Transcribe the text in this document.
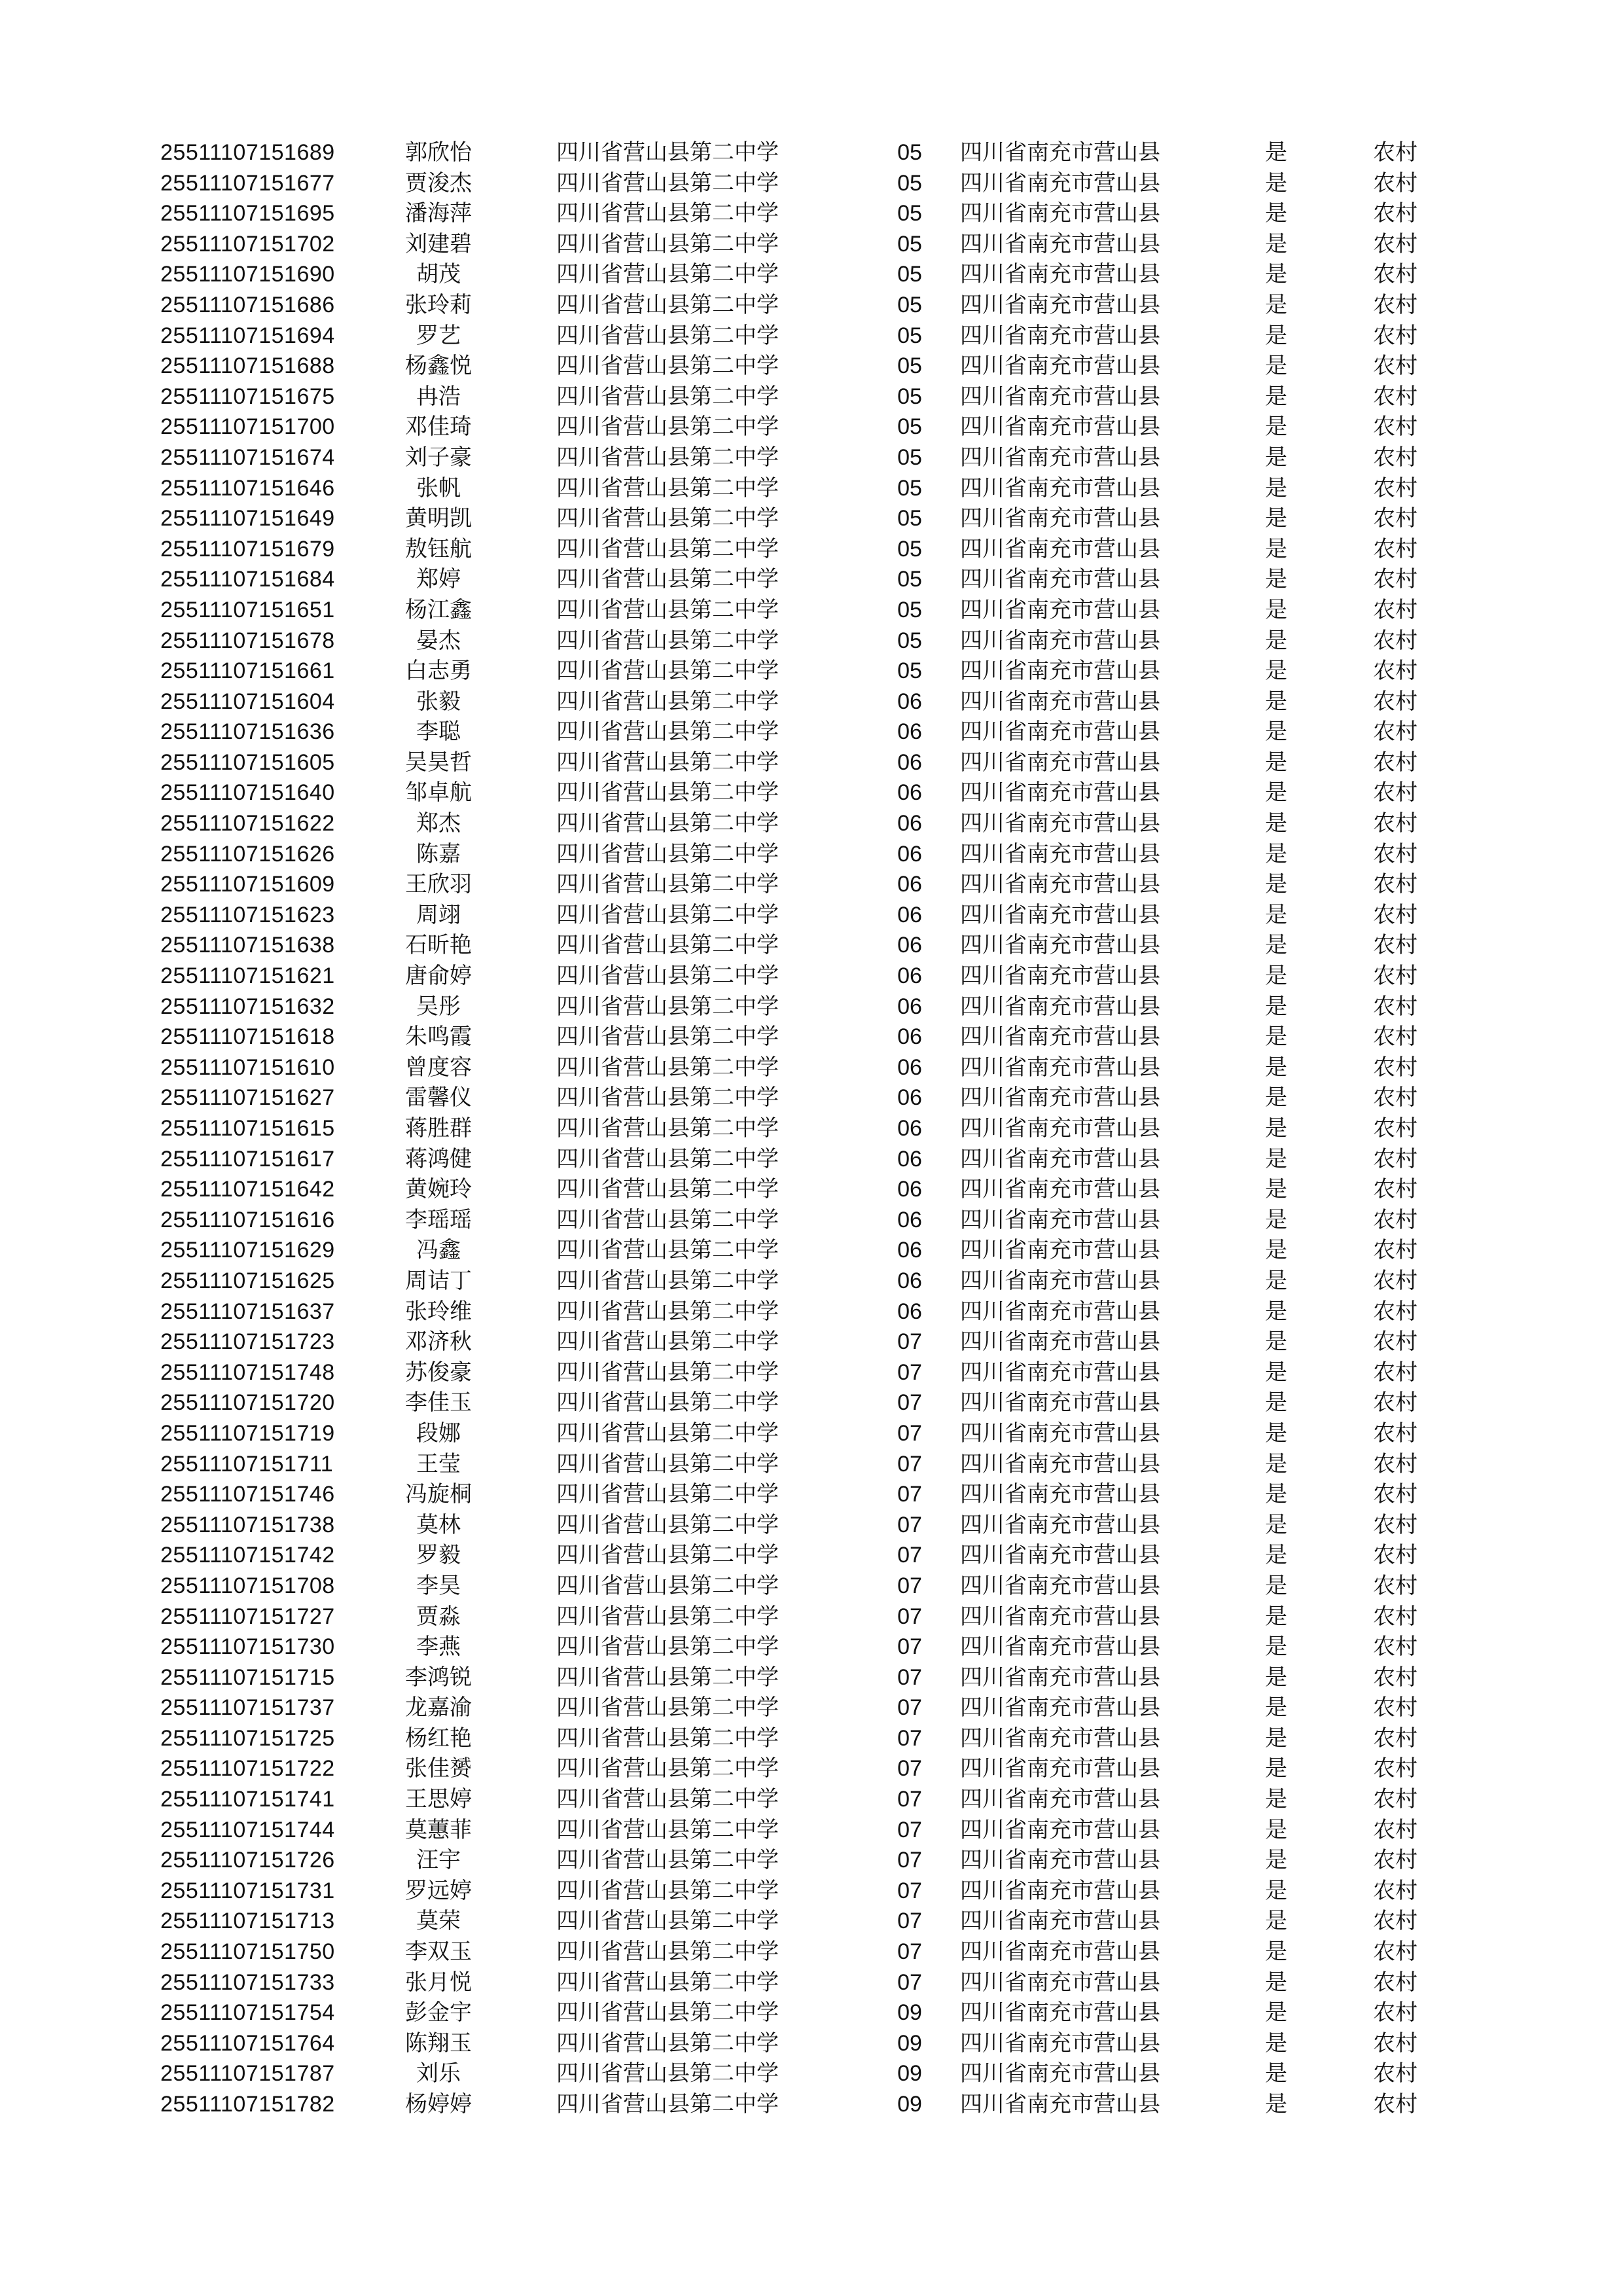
25511107151689	郭欣怡	四川省营山县第二中学	05	四川省南充市营山县	是	农村
25511107151677	贾浚杰	四川省营山县第二中学	05	四川省南充市营山县	是	农村
25511107151695	潘海萍	四川省营山县第二中学	05	四川省南充市营山县	是	农村
25511107151702	刘建碧	四川省营山县第二中学	05	四川省南充市营山县	是	农村
25511107151690	胡茂	四川省营山县第二中学	05	四川省南充市营山县	是	农村
25511107151686	张玲莉	四川省营山县第二中学	05	四川省南充市营山县	是	农村
25511107151694	罗艺	四川省营山县第二中学	05	四川省南充市营山县	是	农村
25511107151688	杨鑫悦	四川省营山县第二中学	05	四川省南充市营山县	是	农村
25511107151675	冉浩	四川省营山县第二中学	05	四川省南充市营山县	是	农村
25511107151700	邓佳琦	四川省营山县第二中学	05	四川省南充市营山县	是	农村
25511107151674	刘子豪	四川省营山县第二中学	05	四川省南充市营山县	是	农村
25511107151646	张帆	四川省营山县第二中学	05	四川省南充市营山县	是	农村
25511107151649	黄明凯	四川省营山县第二中学	05	四川省南充市营山县	是	农村
25511107151679	敖钰航	四川省营山县第二中学	05	四川省南充市营山县	是	农村
25511107151684	郑婷	四川省营山县第二中学	05	四川省南充市营山县	是	农村
25511107151651	杨江鑫	四川省营山县第二中学	05	四川省南充市营山县	是	农村
25511107151678	晏杰	四川省营山县第二中学	05	四川省南充市营山县	是	农村
25511107151661	白志勇	四川省营山县第二中学	05	四川省南充市营山县	是	农村
25511107151604	张毅	四川省营山县第二中学	06	四川省南充市营山县	是	农村
25511107151636	李聪	四川省营山县第二中学	06	四川省南充市营山县	是	农村
25511107151605	吴昊哲	四川省营山县第二中学	06	四川省南充市营山县	是	农村
25511107151640	邹卓航	四川省营山县第二中学	06	四川省南充市营山县	是	农村
25511107151622	郑杰	四川省营山县第二中学	06	四川省南充市营山县	是	农村
25511107151626	陈嘉	四川省营山县第二中学	06	四川省南充市营山县	是	农村
25511107151609	王欣羽	四川省营山县第二中学	06	四川省南充市营山县	是	农村
25511107151623	周翊	四川省营山县第二中学	06	四川省南充市营山县	是	农村
25511107151638	石昕艳	四川省营山县第二中学	06	四川省南充市营山县	是	农村
25511107151621	唐俞婷	四川省营山县第二中学	06	四川省南充市营山县	是	农村
25511107151632	吴彤	四川省营山县第二中学	06	四川省南充市营山县	是	农村
25511107151618	朱鸣霞	四川省营山县第二中学	06	四川省南充市营山县	是	农村
25511107151610	曾度容	四川省营山县第二中学	06	四川省南充市营山县	是	农村
25511107151627	雷馨仪	四川省营山县第二中学	06	四川省南充市营山县	是	农村
25511107151615	蒋胜群	四川省营山县第二中学	06	四川省南充市营山县	是	农村
25511107151617	蒋鸿健	四川省营山县第二中学	06	四川省南充市营山县	是	农村
25511107151642	黄婉玲	四川省营山县第二中学	06	四川省南充市营山县	是	农村
25511107151616	李瑶瑶	四川省营山县第二中学	06	四川省南充市营山县	是	农村
25511107151629	冯鑫	四川省营山县第二中学	06	四川省南充市营山县	是	农村
25511107151625	周诘丁	四川省营山县第二中学	06	四川省南充市营山县	是	农村
25511107151637	张玲维	四川省营山县第二中学	06	四川省南充市营山县	是	农村
25511107151723	邓济秋	四川省营山县第二中学	07	四川省南充市营山县	是	农村
25511107151748	苏俊豪	四川省营山县第二中学	07	四川省南充市营山县	是	农村
25511107151720	李佳玉	四川省营山县第二中学	07	四川省南充市营山县	是	农村
25511107151719	段娜	四川省营山县第二中学	07	四川省南充市营山县	是	农村
25511107151711	王莹	四川省营山县第二中学	07	四川省南充市营山县	是	农村
25511107151746	冯旋桐	四川省营山县第二中学	07	四川省南充市营山县	是	农村
25511107151738	莫林	四川省营山县第二中学	07	四川省南充市营山县	是	农村
25511107151742	罗毅	四川省营山县第二中学	07	四川省南充市营山县	是	农村
25511107151708	李昊	四川省营山县第二中学	07	四川省南充市营山县	是	农村
25511107151727	贾淼	四川省营山县第二中学	07	四川省南充市营山县	是	农村
25511107151730	李燕	四川省营山县第二中学	07	四川省南充市营山县	是	农村
25511107151715	李鸿锐	四川省营山县第二中学	07	四川省南充市营山县	是	农村
25511107151737	龙嘉渝	四川省营山县第二中学	07	四川省南充市营山县	是	农村
25511107151725	杨红艳	四川省营山县第二中学	07	四川省南充市营山县	是	农村
25511107151722	张佳赟	四川省营山县第二中学	07	四川省南充市营山县	是	农村
25511107151741	王思婷	四川省营山县第二中学	07	四川省南充市营山县	是	农村
25511107151744	莫蕙菲	四川省营山县第二中学	07	四川省南充市营山县	是	农村
25511107151726	汪宇	四川省营山县第二中学	07	四川省南充市营山县	是	农村
25511107151731	罗远婷	四川省营山县第二中学	07	四川省南充市营山县	是	农村
25511107151713	莫荣	四川省营山县第二中学	07	四川省南充市营山县	是	农村
25511107151750	李双玉	四川省营山县第二中学	07	四川省南充市营山县	是	农村
25511107151733	张月悦	四川省营山县第二中学	07	四川省南充市营山县	是	农村
25511107151754	彭金宇	四川省营山县第二中学	09	四川省南充市营山县	是	农村
25511107151764	陈翔玉	四川省营山县第二中学	09	四川省南充市营山县	是	农村
25511107151787	刘乐	四川省营山县第二中学	09	四川省南充市营山县	是	农村
25511107151782	杨婷婷	四川省营山县第二中学	09	四川省南充市营山县	是	农村
